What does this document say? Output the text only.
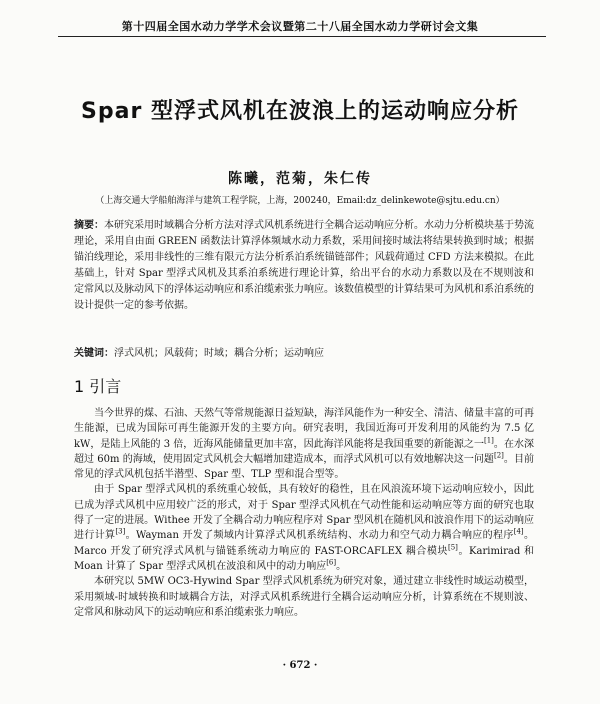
第十四届全国水动力学学术会议暨第二十八届全国水动力学研讨会文集
Spar 型浮式风机在波浪上的运动响应分析
陈曦，范菊，朱仁传
（上海交通大学船舶海洋与建筑工程学院，上海，200240，Email:dz_delinkewote@sjtu.edu.cn）

摘要：本研究采用时域耦合分析方法对浮式风机系统进行全耦合运动响应分析。水动力分析模块基于势流理论，采用自由面 GREEN 函数法计算浮体频域水动力系数，采用间接时域法将结果转换到时域；根据锚泊线理论，采用非线性的三维有限元方法分析系泊系统锚链部件；风载荷通过 CFD 方法来模拟。在此基础上，针对 Spar 型浮式风机及其系泊系统进行理论计算，给出平台的水动力系数以及在不规则波和定常风以及脉动风下的浮体运动响应和系泊缆索张力响应。该数值模型的计算结果可为风机和系泊系统的设计提供一定的参考依据。

关键词：浮式风机；风载荷；时域；耦合分析；运动响应

1 引言

当今世界的煤、石油、天然气等常规能源日益短缺，海洋风能作为一种安全、清洁、储量丰富的可再生能源，已成为国际可再生能源开发的主要方向。研究表明，我国近海可开发利用的风能约为 7.5 亿 kW，是陆上风能的 3 倍，近海风能储量更加丰富，因此海洋风能将是我国重要的新能源之一[1]。在水深超过 60m 的海域，使用固定式风机会大幅增加建造成本，而浮式风机可以有效地解决这一问题[2]。目前常见的浮式风机包括半潜型、Spar 型、TLP 型和混合型等。

由于 Spar 型浮式风机的系统重心较低，具有较好的稳性，且在风浪流环境下运动响应较小，因此已成为浮式风机中应用较广泛的形式，对于 Spar 型浮式风机在气动性能和运动响应等方面的研究也取得了一定的进展。Withee 开发了全耦合动力响应程序对 Spar 型风机在随机风和波浪作用下的运动响应进行计算[3]。Wayman 开发了频域内计算浮式风机系统结构、水动力和空气动力耦合响应的程序[4]。Marco 开发了研究浮式风机与锚链系统动力响应的 FAST-ORCAFLEX 耦合模块[5]。Karimirad 和 Moan 计算了 Spar 型浮式风机在波浪和风中的动力响应[6]。

本研究以 5MW OC3-Hywind Spar 型浮式风机系统为研究对象，通过建立非线性时域运动模型，采用频域-时域转换和时域耦合方法，对浮式风机系统进行全耦合运动响应分析，计算系统在不规则波、定常风和脉动风下的运动响应和系泊缆索张力响应。

· 672 ·
